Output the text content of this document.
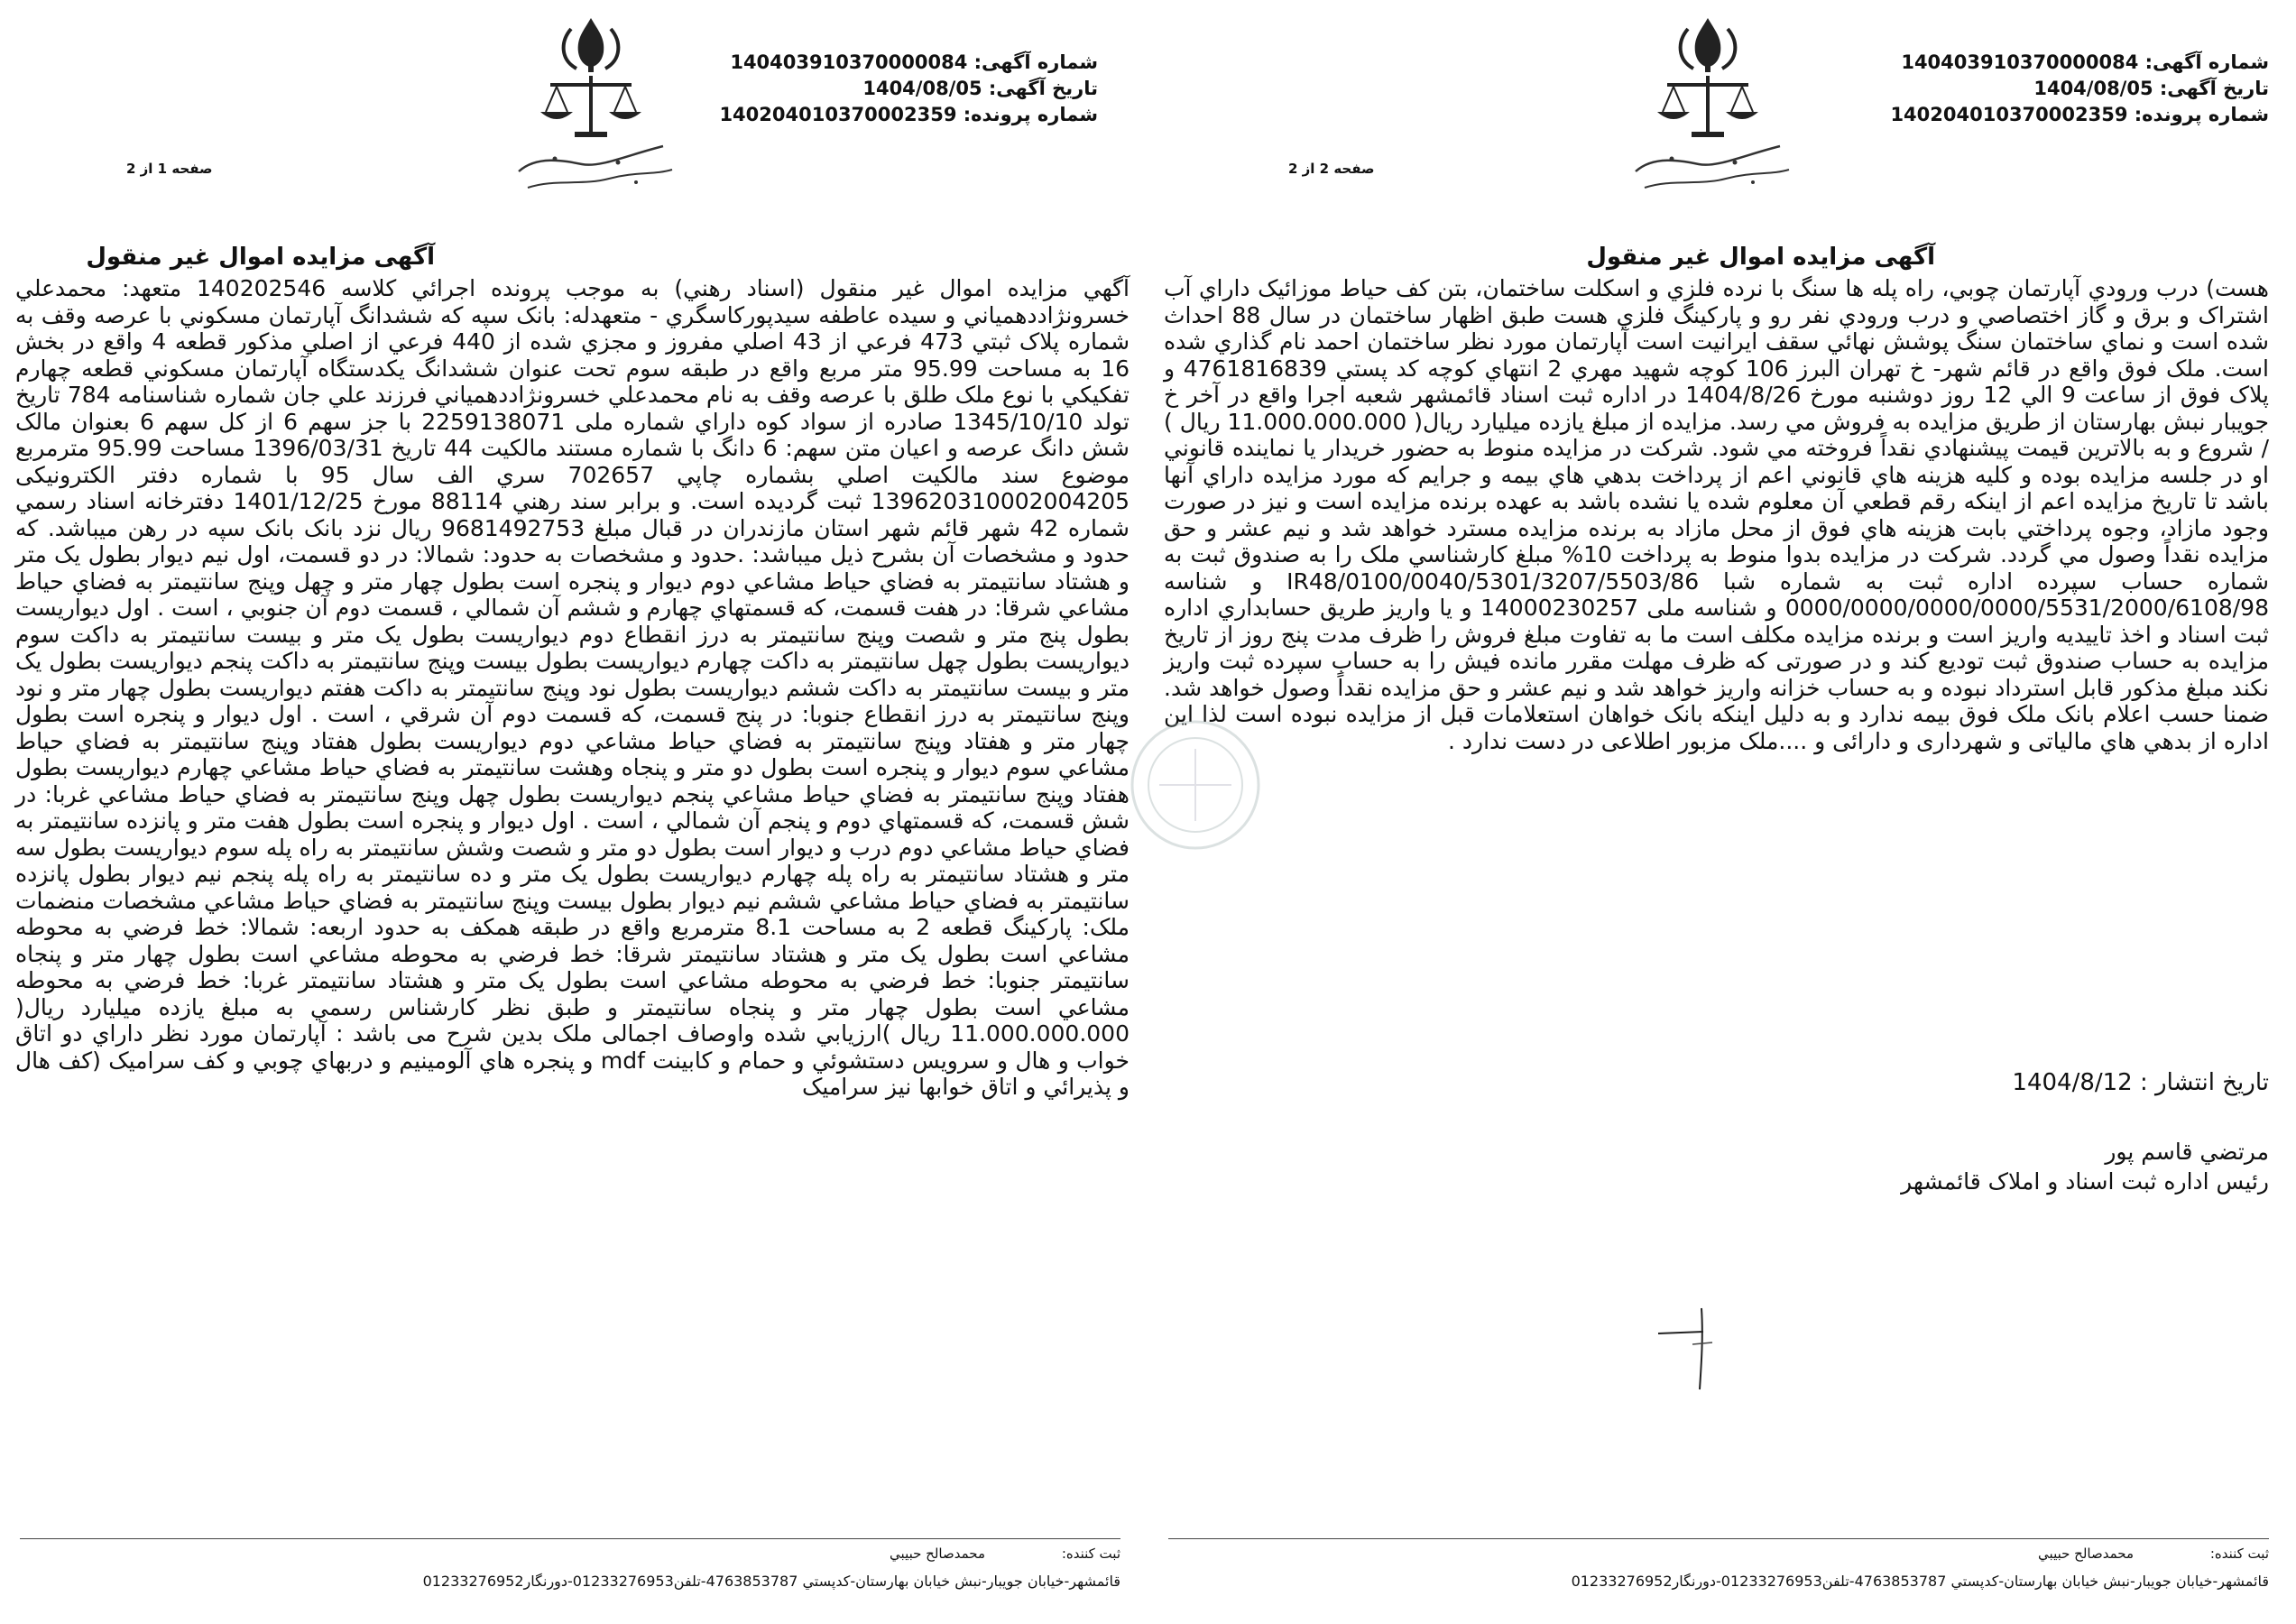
شماره آگهی: 140403910370000084
تاریخ آگهی: 1404/08/05
شماره پرونده: 140204010370002359
صفحه 2 از 2
آگهی مزايده اموال غير منقول
هست) درب ورودي آپارتمان چوبي، راه پله ها سنگ با نرده فلزي و اسکلت ساختمان، بتن کف حياط موزائيک داراي آب اشتراک و برق و گاز اختصاصي و درب ورودي نفر رو و پارکينگ فلزي هست طبق اظهار ساختمان در سال 88 احداث شده است و نماي ساختمان سنگ پوشش نهائي سقف ايرانيت است آپارتمان مورد نظر ساختمان احمد نام گذاري شده است. ملک فوق واقع در قائم شهر- خ تهران البرز 106 کوچه شهيد مهري 2 انتهاي کوچه کد پستي 4761816839 و پلاک فوق از ساعت 9 الي 12 روز دوشنبه مورخ 1404/8/26 در اداره ثبت اسناد قائمشهر شعبه اجرا واقع در آخر خ جويبار نبش بهارستان از طريق مزايده به فروش مي رسد. مزايده از مبلغ يازده ميليارد ريال( 11.000.000.000 ريال ) / شروع و به بالاترين قيمت پيشنهادي نقداً فروخته مي شود. شرکت در مزايده منوط به حضور خريدار يا نماينده قانوني او در جلسه مزايده بوده و کليه هزينه هاي قانوني اعم از پرداخت بدهي هاي بيمه و جرايم که مورد مزايده داراي آنها باشد تا تاريخ مزايده اعم از اينکه رقم قطعي آن معلوم شده يا نشده باشد به عهده برنده مزايده است و نيز در صورت وجود مازاد، وجوه پرداختي بابت هزينه هاي فوق از محل مازاد به برنده مزايده مسترد خواهد شد و نيم عشر و حق مزايده نقداً وصول مي گردد. شرکت در مزايده بدوا منوط به پرداخت 10% مبلغ کارشناسي ملک را به صندوق ثبت به شماره حساب سپرده اداره ثبت به شماره شبا IR48/0100/0040/5301/3207/5503/86 و شناسه 0000/0000/0000/0000/5531/2000/6108/98 و شناسه ملی 14000230257 و يا واريز طريق حسابداري اداره ثبت اسناد و اخذ تاييديه واريز است و برنده مزايده مکلف است ما به تفاوت مبلغ فروش را ظرف مدت پنج روز از تاريخ مزايده به حساب صندوق ثبت توديع کند و در صورتی که ظرف مهلت مقرر مانده فيش را به حساب سپرده ثبت واريز نکند مبلغ مذکور قابل استرداد نبوده و به حساب خزانه واريز خواهد شد و نيم عشر و حق مزايده نقداً وصول خواهد شد. ضمنا حسب اعلام بانک ملک فوق بيمه ندارد و به دليل اينکه بانک خواهان استعلامات قبل از مزايده نبوده است لذا اين اداره از بدهي هاي مالياتی و شهرداری و دارائی و ....ملک مزبور اطلاعی در دست ندارد .
تاریخ انتشار : 1404/8/12
مرتضي قاسم پور
رئيس اداره ثبت اسناد و املاک قائمشهر
ثبت کننده:
محمدصالح حبيبي
قائمشهر-خيابان جويبار-نبش خيابان بهارستان-کدپستي 4763853787-تلفن01233276953-دورنگار01233276952
شماره آگهی: 140403910370000084
تاریخ آگهی: 1404/08/05
شماره پرونده: 140204010370002359
صفحه 1 از 2
آگهی مزايده اموال غير منقول
آگهي مزايده اموال غير منقول (اسناد رهني) به موجب پرونده اجرائي کلاسه 140202546 متعهد: محمدعلي خسرونژاددهمياني و سيده عاطفه سيدپورکاسگري - متعهدله: بانک سپه که ششدانگ آپارتمان مسکوني با عرصه وقف به شماره پلاک ثبتي 473 فرعي از 43 اصلي مفروز و مجزي شده از 440 فرعي از اصلي مذکور قطعه 4 واقع در بخش 16 به مساحت 95.99 متر مربع واقع در طبقه سوم تحت عنوان ششدانگ يکدستگاه آپارتمان مسکوني قطعه چهارم تفکيکي با نوع ملک طلق با عرصه وقف به نام محمدعلي خسرونژاددهمياني فرزند علي جان شماره شناسنامه 784 تاريخ تولد 1345/10/10 صادره از سواد کوه داراي شماره ملی 2259138071 با جز سهم 6 از کل سهم 6 بعنوان مالک شش دانگ عرصه و اعيان متن سهم: 6 دانگ با شماره مستند مالکيت 44 تاريخ 1396/03/31 مساحت 95.99 مترمربع موضوع سند مالکيت اصلي بشماره چاپي 702657 سري الف سال 95 با شماره دفتر الکترونيکی 139620310002004205 ثبت گرديده است. و برابر سند رهني 88114 مورخ 1401/12/25 دفترخانه اسناد رسمي شماره 42 شهر قائم شهر استان مازندران در قبال مبلغ 9681492753 ريال نزد بانک بانک سپه در رهن ميباشد. که حدود و مشخصات آن بشرح ذيل ميباشد: .حدود و مشخصات به حدود: شمالا: در دو قسمت، اول نيم ديوار بطول يک متر و هشتاد سانتيمتر به فضاي حياط مشاعي دوم ديوار و پنجره است بطول چهار متر و چهل وپنج سانتيمتر به فضاي حياط مشاعي شرقا: در هفت قسمت، که قسمتهاي چهارم و ششم آن شمالي ، قسمت دوم آن جنوبي ، است . اول ديواريست بطول پنج متر و شصت وپنج سانتيمتر به درز انقطاع دوم ديواريست بطول يک متر و بيست سانتيمتر به داکت سوم ديواريست بطول چهل سانتيمتر به داکت چهارم ديواريست بطول بيست وپنج سانتيمتر به داکت پنجم ديواريست بطول يک متر و بيست سانتيمتر به داکت ششم ديواريست بطول نود وپنج سانتيمتر به داکت هفتم ديواريست بطول چهار متر و نود وپنج سانتيمتر به درز انقطاع جنوبا: در پنج قسمت، که قسمت دوم آن شرقي ، است . اول ديوار و پنجره است بطول چهار متر و هفتاد وپنج سانتيمتر به فضاي حياط مشاعي دوم ديواريست بطول هفتاد وپنج سانتيمتر به فضاي حياط مشاعي سوم ديوار و پنجره است بطول دو متر و پنجاه وهشت سانتيمتر به فضاي حياط مشاعي چهارم ديواريست بطول هفتاد وپنج سانتيمتر به فضاي حياط مشاعي پنجم ديواريست بطول چهل وپنج سانتيمتر به فضاي حياط مشاعي غربا: در شش قسمت، که قسمتهاي دوم و پنجم آن شمالي ، است . اول ديوار و پنجره است بطول هفت متر و پانزده سانتيمتر به فضاي حياط مشاعي دوم درب و ديوار است بطول دو متر و شصت وشش سانتيمتر به راه پله سوم ديواريست بطول سه متر و هشتاد سانتيمتر به راه پله چهارم ديواريست بطول يک متر و ده سانتيمتر به راه پله پنجم نيم ديوار بطول پانزده سانتيمتر به فضاي حياط مشاعي ششم نيم ديوار بطول بيست وپنج سانتيمتر به فضاي حياط مشاعي مشخصات منضمات ملک: پارکينگ قطعه 2 به مساحت 8.1 مترمربع واقع در طبقه همکف به حدود اربعه: شمالا: خط فرضي به محوطه مشاعي است بطول يک متر و هشتاد سانتيمتر شرقا: خط فرضي به محوطه مشاعي است بطول چهار متر و پنجاه سانتيمتر جنوبا: خط فرضي به محوطه مشاعي است بطول يک متر و هشتاد سانتيمتر غربا: خط فرضي به محوطه مشاعي است بطول چهار متر و پنجاه سانتيمتر و طبق نظر کارشناس رسمي به مبلغ يازده ميليارد ريال( 11.000.000.000 ريال )ارزيابي شده واوصاف اجمالی ملک بدين شرح می باشد : آپارتمان مورد نظر داراي دو اتاق خواب و هال و سرويس دستشوئي و حمام و کابينت mdf و پنجره هاي آلومينيم و دربهاي چوبي و کف سراميک (کف هال و پذيرائي و اتاق خوابها نيز سراميک
ثبت کننده:
محمدصالح حبيبي
قائمشهر-خيابان جويبار-نبش خيابان بهارستان-کدپستي 4763853787-تلفن01233276953-دورنگار01233276952
